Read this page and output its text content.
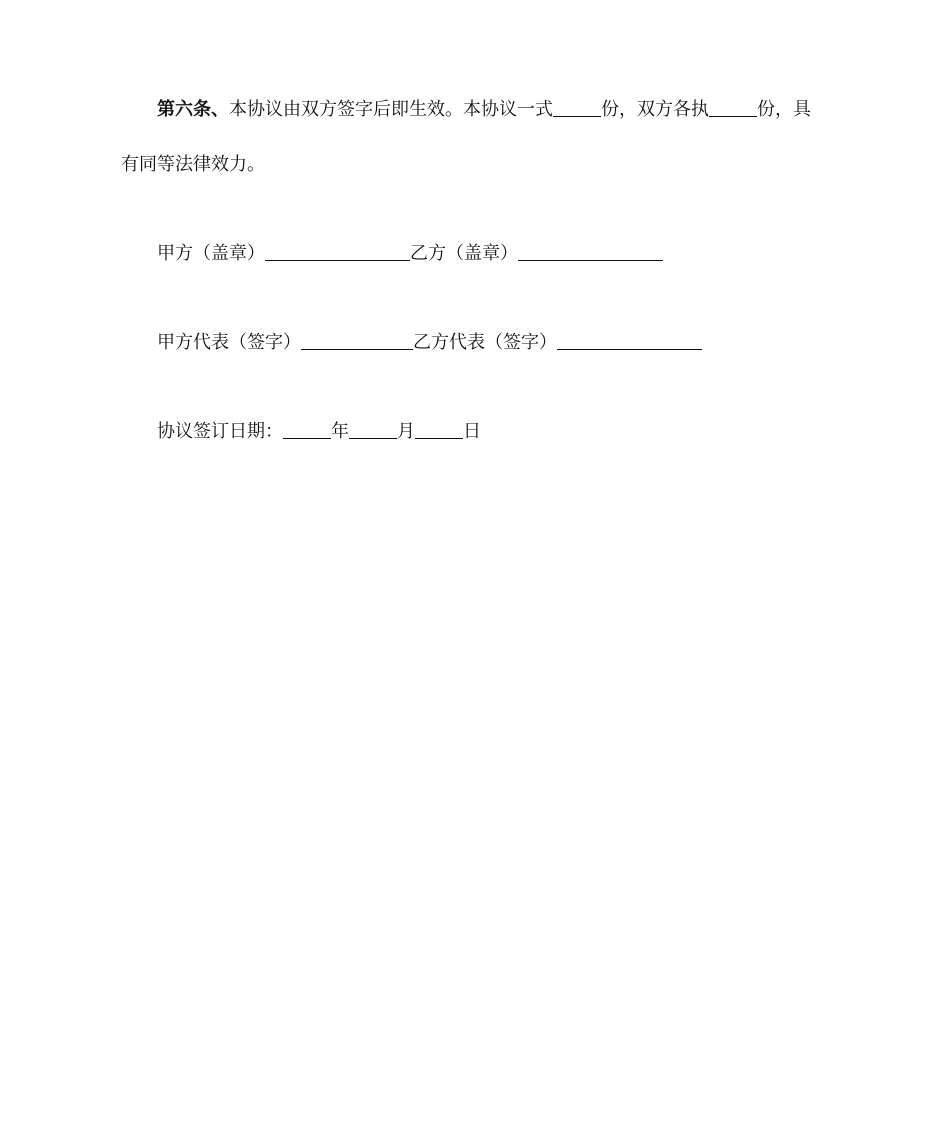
第六条、本协议由双方签字后即生效。本协议一式	份，双方各执	份，具
有同等法律效力。
甲方（盖章）	乙方（盖章）
甲方代表（签字）	乙方代表（签字）
协议签订日期：	年	月	日
